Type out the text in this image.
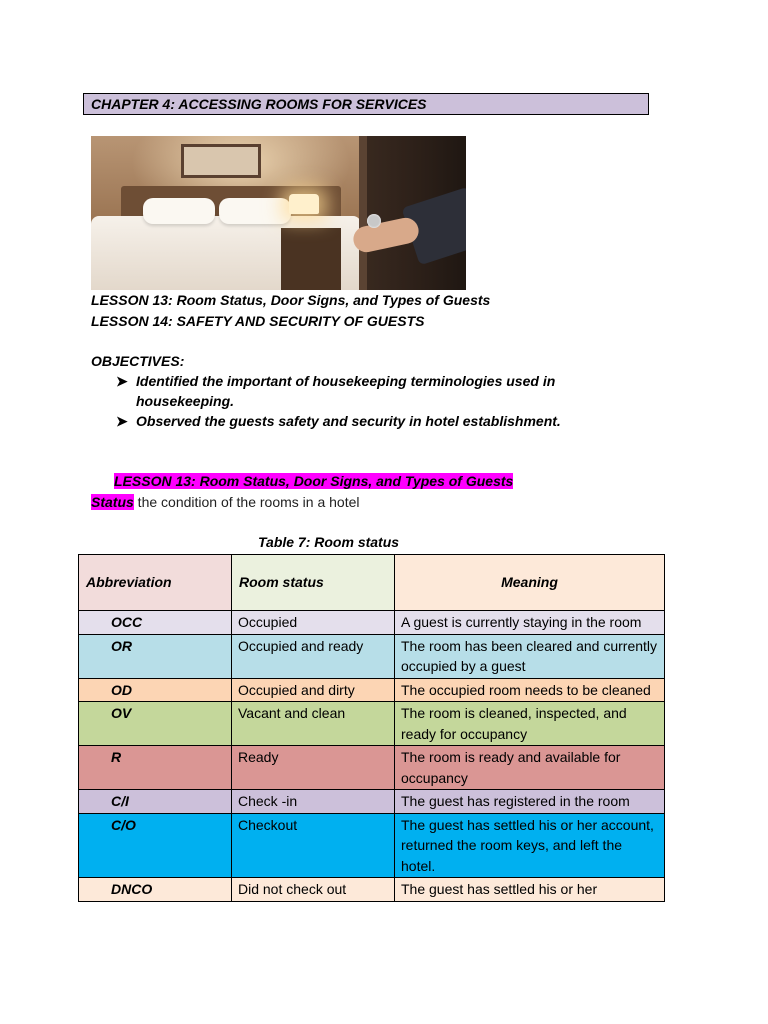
CHAPTER 4: ACCESSING ROOMS FOR SERVICES
LESSON 13: Room Status, Door Signs, and Types of Guests
LESSON 14: SAFETY AND SECURITY OF GUESTS
OBJECTIVES:
➤ Identified the important of housekeeping terminologies used in housekeeping.
➤ Observed the guests safety and security in hotel establishment.
LESSON 13: Room Status, Door Signs, and Types of Guests
Status the condition of the rooms in a hotel
Table 7: Room status
Abbreviation	Room status	Meaning
OCC	Occupied	A guest is currently staying in the room
OR	Occupied and ready	The room has been cleared and currently occupied by a guest
OD	Occupied and dirty	The occupied room needs to be cleaned
OV	Vacant and clean	The room is cleaned, inspected, and ready for occupancy
R	Ready	The room is ready and available for occupancy
C/I	Check -in	The guest has registered in the room
C/O	Checkout	The guest has settled his or her account, returned the room keys, and left the hotel.
DNCO	Did not check out	The guest has settled his or her
